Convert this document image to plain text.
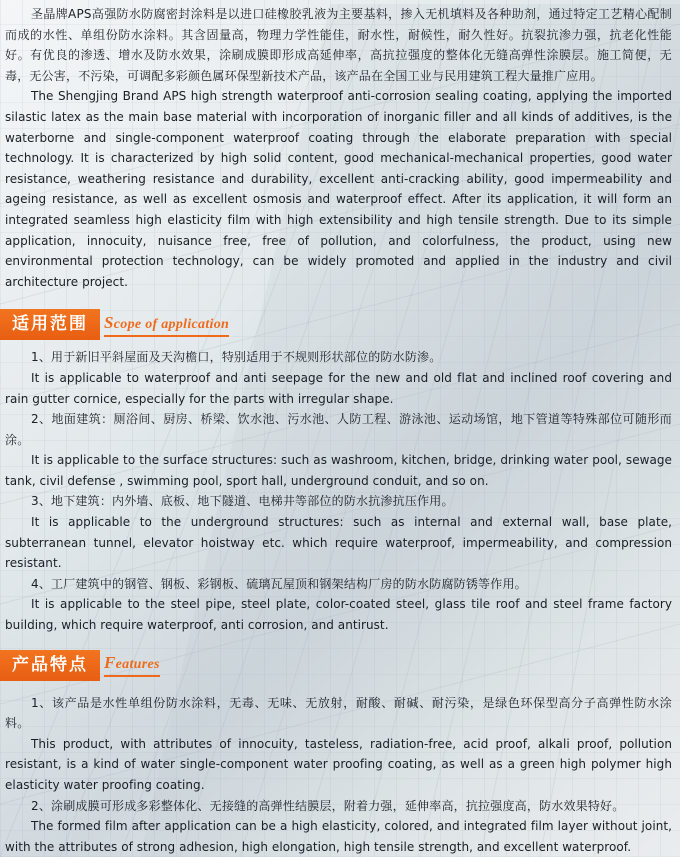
圣晶牌APS高强防水防腐密封涂料是以进口硅橡胶乳液为主要基料，掺入无机填料及各种助剂，通过特定工艺精心配制而成的水性、单组份防水涂料。其含固量高，物理力学性能佳，耐水性，耐候性，耐久性好。抗裂抗渗力强，抗老化性能好。有优良的渗透、增水及防水效果，涂刷成膜即形成高延伸率，高抗拉强度的整体化无缝高弹性涂膜层。施工简便，无毒，无公害，不污染，可调配多彩颜色属环保型新技术产品，该产品在全国工业与民用建筑工程大量推广应用。

The Shengjing Brand APS high strength waterproof anti-corrosion sealing coating, applying the imported silastic latex as the main base material with incorporation of inorganic filler and all kinds of additives, is the waterborne and single-component waterproof coating through the elaborate preparation with special technology. It is characterized by high solid content, good mechanical-mechanical properties, good water resistance, weathering resistance and durability, excellent anti-cracking ability, good impermeability and ageing resistance, as well as excellent osmosis and waterproof effect. After its application, it will form an integrated seamless high elasticity film with high extensibility and high tensile strength. Due to its simple application, innocuity, nuisance free, free of pollution, and colorfulness, the product, using new environmental protection technology, can be widely promoted and applied in the industry and civil architecture project.

适用范围 Scope of application

1、用于新旧平斜屋面及天沟檐口，特别适用于不规则形状部位的防水防渗。

It is applicable to waterproof and anti seepage for the new and old flat and inclined roof covering and rain gutter cornice, especially for the parts with irregular shape.

2、地面建筑：厕浴间、厨房、桥梁、饮水池、污水池、人防工程、游泳池、运动场馆，地下管道等特殊部位可随形而涂。

It is applicable to the surface structures: such as washroom, kitchen, bridge, drinking water pool, sewage tank, civil defense , swimming pool, sport hall, underground conduit, and so on.

3、地下建筑：内外墙、底板、地下隧道、电梯井等部位的防水抗渗抗压作用。

It is applicable to the underground structures: such as internal and external wall, base plate, subterranean tunnel, elevator hoistway etc. which require waterproof, impermeability, and compression resistant.

4、工厂建筑中的钢管、钢板、彩钢板、硫璃瓦屋顶和钢架结构厂房的防水防腐防锈等作用。

It is applicable to the steel pipe, steel plate, color-coated steel, glass tile roof and steel frame factory building, which require waterproof, anti corrosion, and antirust.

产品特点 Features

1、该产品是水性单组份防水涂料，无毒、无味、无放射，耐酸、耐碱、耐污染，是绿色环保型高分子高弹性防水涂料。

This product, with attributes of innocuity, tasteless, radiation-free, acid proof, alkali proof, pollution resistant, is a kind of water single-component water proofing coating, as well as a green high polymer high elasticity water proofing coating.

2、涂刷成膜可形成多彩整体化、无接缝的高弹性结膜层，附着力强，延伸率高，抗拉强度高，防水效果特好。

The formed film after application can be a high elasticity, colored, and integrated film layer without joint, with the attributes of strong adhesion, high elongation, high tensile strength, and excellent waterproof.
